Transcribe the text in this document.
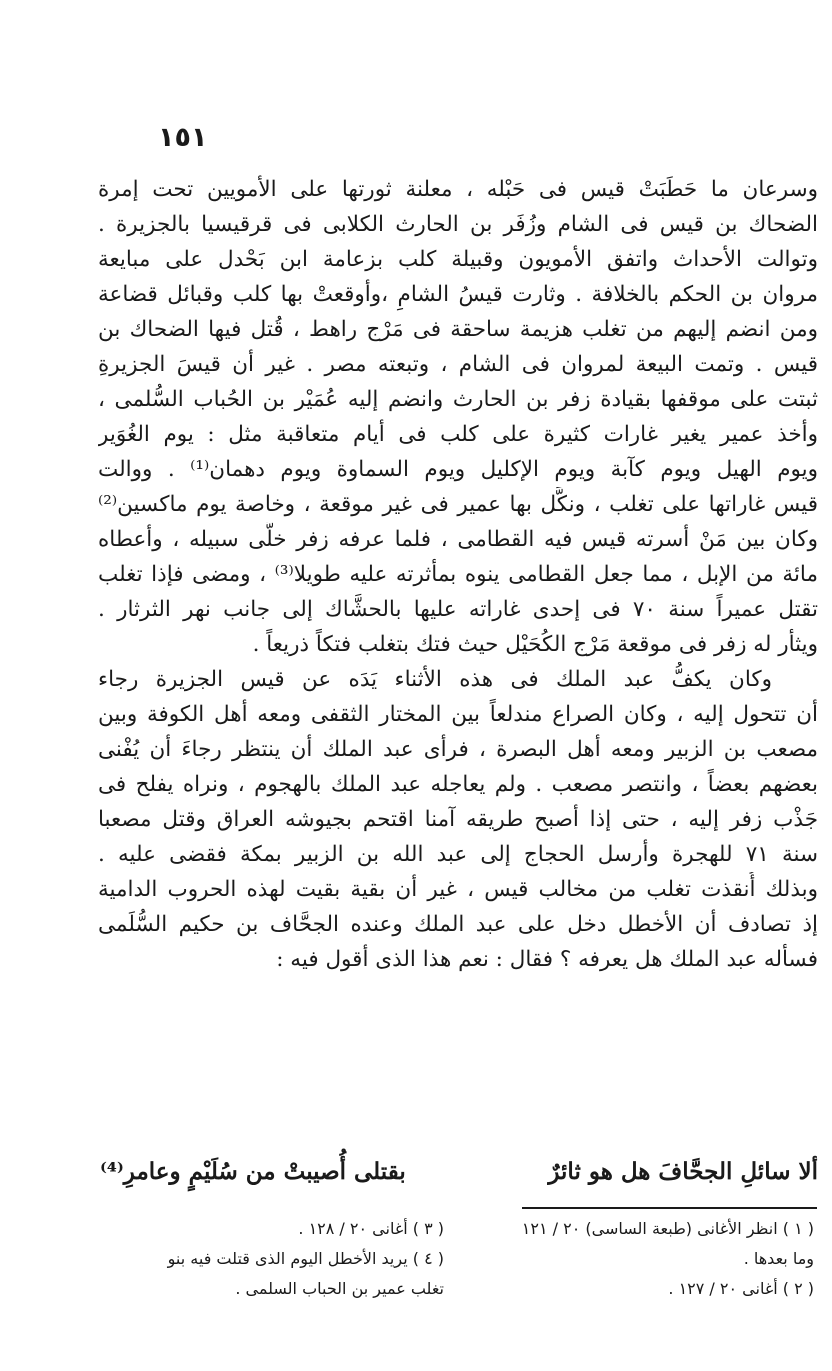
١٥١
وسرعان ما حَطَبَتْ قيس فى حَبْله ، معلنة ثورتها على الأمويين تحت إمرة
الضحاك بن قيس فى الشام وزُفَر بن الحارث الكلابى فى قرقيسيا بالجزيرة .
وتوالت الأحداث واتفق الأمويون وقبيلة كلب بزعامة ابن بَحْدل على مبايعة
مروان بن الحكم بالخلافة . وثارت قيسُ الشامِ ،وأوقعتْ بها كلب وقبائل قضاعة
ومن انضم إليهم من تغلب هزيمة ساحقة فى مَرْج راهط ، قُتل فيها الضحاك بن
قيس . وتمت البيعة لمروان فى الشام ، وتبعته مصر . غير أن قيسَ الجزيرةِ
ثبتت على موقفها بقيادة زفر بن الحارث وانضم إليه عُمَيْر بن الحُباب السُّلمى ،
وأخذ عمير يغير غارات كثيرة على كلب فى أيام متعاقبة مثل : يوم الغُوَير
ويوم الهيل ويوم كآبة ويوم الإكليل ويوم السماوة ويوم دهمان⁽¹⁾ . ووالت
قيس غاراتها على تغلب ، ونكَّل بها عمير فى غير موقعة ، وخاصة يوم ماكسين⁽²⁾
وكان بين مَنْ أسرته قيس فيه القطامى ، فلما عرفه زفر خلَّى سبيله ، وأعطاه
مائة من الإبل ، مما جعل القطامى ينوه بمأثرته عليه طويلا⁽³⁾ ، ومضى فإذا تغلب
تقتل عميراً سنة ٧٠ فى إحدى غاراته عليها بالحشَّاك إلى جانب نهر الثرثار .
ويثأر له زفر فى موقعة مَرْج الكُحَيْل حيث فتك بتغلب فتكاً ذريعاً .
وكان يكفُّ عبد الملك فى هذه الأثناء يَدَه عن قيس الجزيرة رجاء
أن تتحول إليه ، وكان الصراع مندلعاً بين المختار الثقفى ومعه أهل الكوفة وبين
مصعب بن الزبير ومعه أهل البصرة ، فرأى عبد الملك أن ينتظر رجاءَ أن يُفْنى
بعضهم بعضاً ، وانتصر مصعب . ولم يعاجله عبد الملك بالهجوم ، ونراه يفلح فى
جَذْب زفر إليه ، حتى إذا أصبح طريقه آمنا اقتحم بجيوشه العراق وقتل مصعبا
سنة ٧١ للهجرة وأرسل الحجاج إلى عبد الله بن الزبير بمكة فقضى عليه .
وبذلك أُنقذت تغلب من مخالب قيس ، غير أن بقية بقيت لهذه الحروب الدامية
إذ تصادف أن الأخطل دخل على عبد الملك وعنده الجحَّاف بن حكيم السُّلَمى
فسأله عبد الملك هل يعرفه ؟ فقال : نعم هذا الذى أقول فيه :
ألا سائلِ الجحَّافَ هل هو ثائرٌ
بقتلى أُصيبتْ من سُلَيْمٍ وعامرِ⁽⁴⁾
( ١ ) انظر الأغانى (طبعة الساسى) ٢٠ / ١٢١
وما بعدها .
( ٢ ) أغانى ٢٠ / ١٢٧ .
( ٣ ) أغانى ٢٠ / ١٢٨ .
( ٤ ) يريد الأخطل اليوم الذى قتلت فيه بنو
تغلب عمير بن الحباب السلمى .
